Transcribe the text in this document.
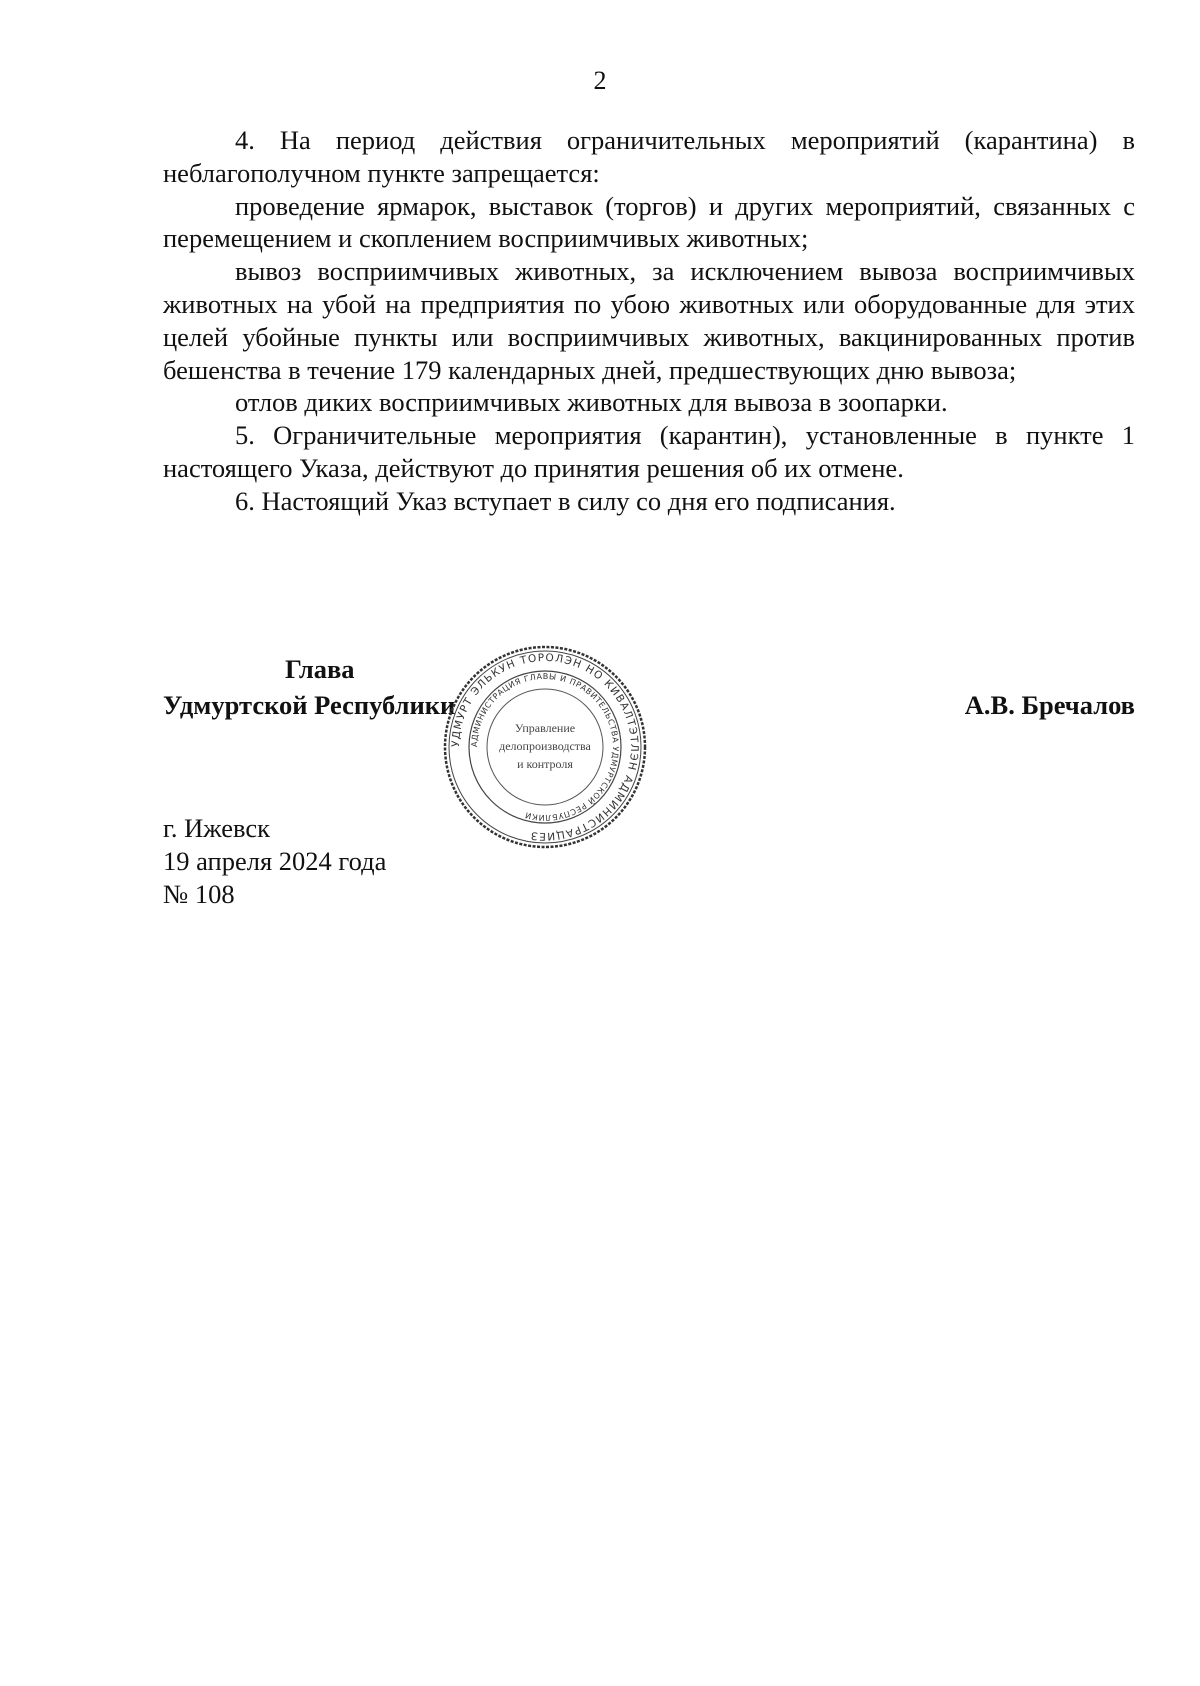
2

4. На период действия ограничительных мероприятий (карантина) в неблагополучном пункте запрещается:

проведение ярмарок, выставок (торгов) и других мероприятий, связанных с перемещением и скоплением восприимчивых животных;

вывоз восприимчивых животных, за исключением вывоза восприимчивых животных на убой на предприятия по убою животных или оборудованные для этих целей убойные пункты или восприимчивых животных, вакцинированных против бешенства в течение 179 календарных дней, предшествующих дню вывоза;

отлов диких восприимчивых животных для вывоза в зоопарки.

5. Ограничительные мероприятия (карантин), установленные в пункте 1 настоящего Указа, действуют до принятия решения об их отмене.

6. Настоящий Указ вступает в силу со дня его подписания.

Глава
Удмуртской Республики	А.В. Бречалов
УДМУРТ ЭЛЬКУН ТОРОЛЭН НО КИВАЛТЭТЛЭН АДМИНИСТРАЦИЕЗ
АДМИНИСТРАЦИЯ ГЛАВЫ И ПРАВИТЕЛЬСТВА УДМУРТСКОЙ РЕСПУБЛИКИ
Управление
делопроизводства
и контроля
г. Ижевск
19 апреля 2024 года
№ 108
